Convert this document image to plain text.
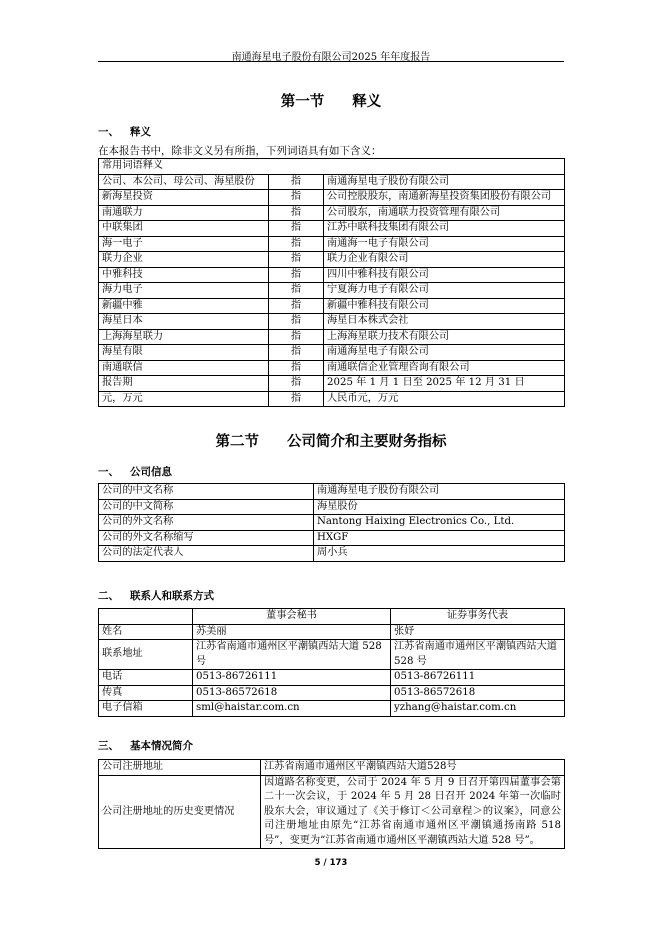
南通海星电子股份有限公司2025 年年度报告
第一节 释义
一、 释义
在本报告书中，除非文义另有所指，下列词语具有如下含义：
常用词语释义		
公司、本公司、母公司、海星股份	指	南通海星电子股份有限公司
新海星投资	指	公司控股股东，南通新海星投资集团股份有限公司
南通联力	指	公司股东，南通联力投资管理有限公司
中联集团	指	江苏中联科技集团有限公司
海一电子	指	南通海一电子有限公司
联力企业	指	联力企业有限公司
中雅科技	指	四川中雅科技有限公司
海力电子	指	宁夏海力电子有限公司
新疆中雅	指	新疆中雅科技有限公司
海星日本	指	海星日本株式会社
上海海星联力	指	上海海星联力技术有限公司
海星有限	指	南通海星电子有限公司
南通联信	指	南通联信企业管理咨询有限公司
报告期	指	2025 年 1 月 1 日至 2025 年 12 月 31 日
元，万元	指	人民币元，万元
第二节 公司简介和主要财务指标
一、 公司信息
公司的中文名称	南通海星电子股份有限公司
公司的中文简称	海星股份
公司的外文名称	Nantong Haixing Electronics Co., Ltd.
公司的外文名称缩写	HXGF
公司的法定代表人	周小兵
二、 联系人和联系方式
	董事会秘书	证券事务代表
姓名	苏美丽	张妤
联系地址	江苏省南通市通州区平潮镇西站大道 528 号	江苏省南通市通州区平潮镇西站大道 528 号
电话	0513-86726111	0513-86726111
传真	0513-86572618	0513-86572618
电子信箱	sml@haistar.com.cn	yzhang@haistar.com.cn
三、 基本情况简介
公司注册地址	江苏省南通市通州区平潮镇西站大道528号
公司注册地址的历史变更情况	因道路名称变更，公司于 2024 年 5 月 9 日召开第四届董事会第二十一次会议，于 2024 年 5 月 28 日召开 2024 年第一次临时股东大会，审议通过了《关于修订＜公司章程＞的议案》，同意公司注册地址由原先“江苏省南通市通州区平潮镇通扬南路 518 号”，变更为“江苏省南通市通州区平潮镇西站大道 528 号”。
5 / 173
